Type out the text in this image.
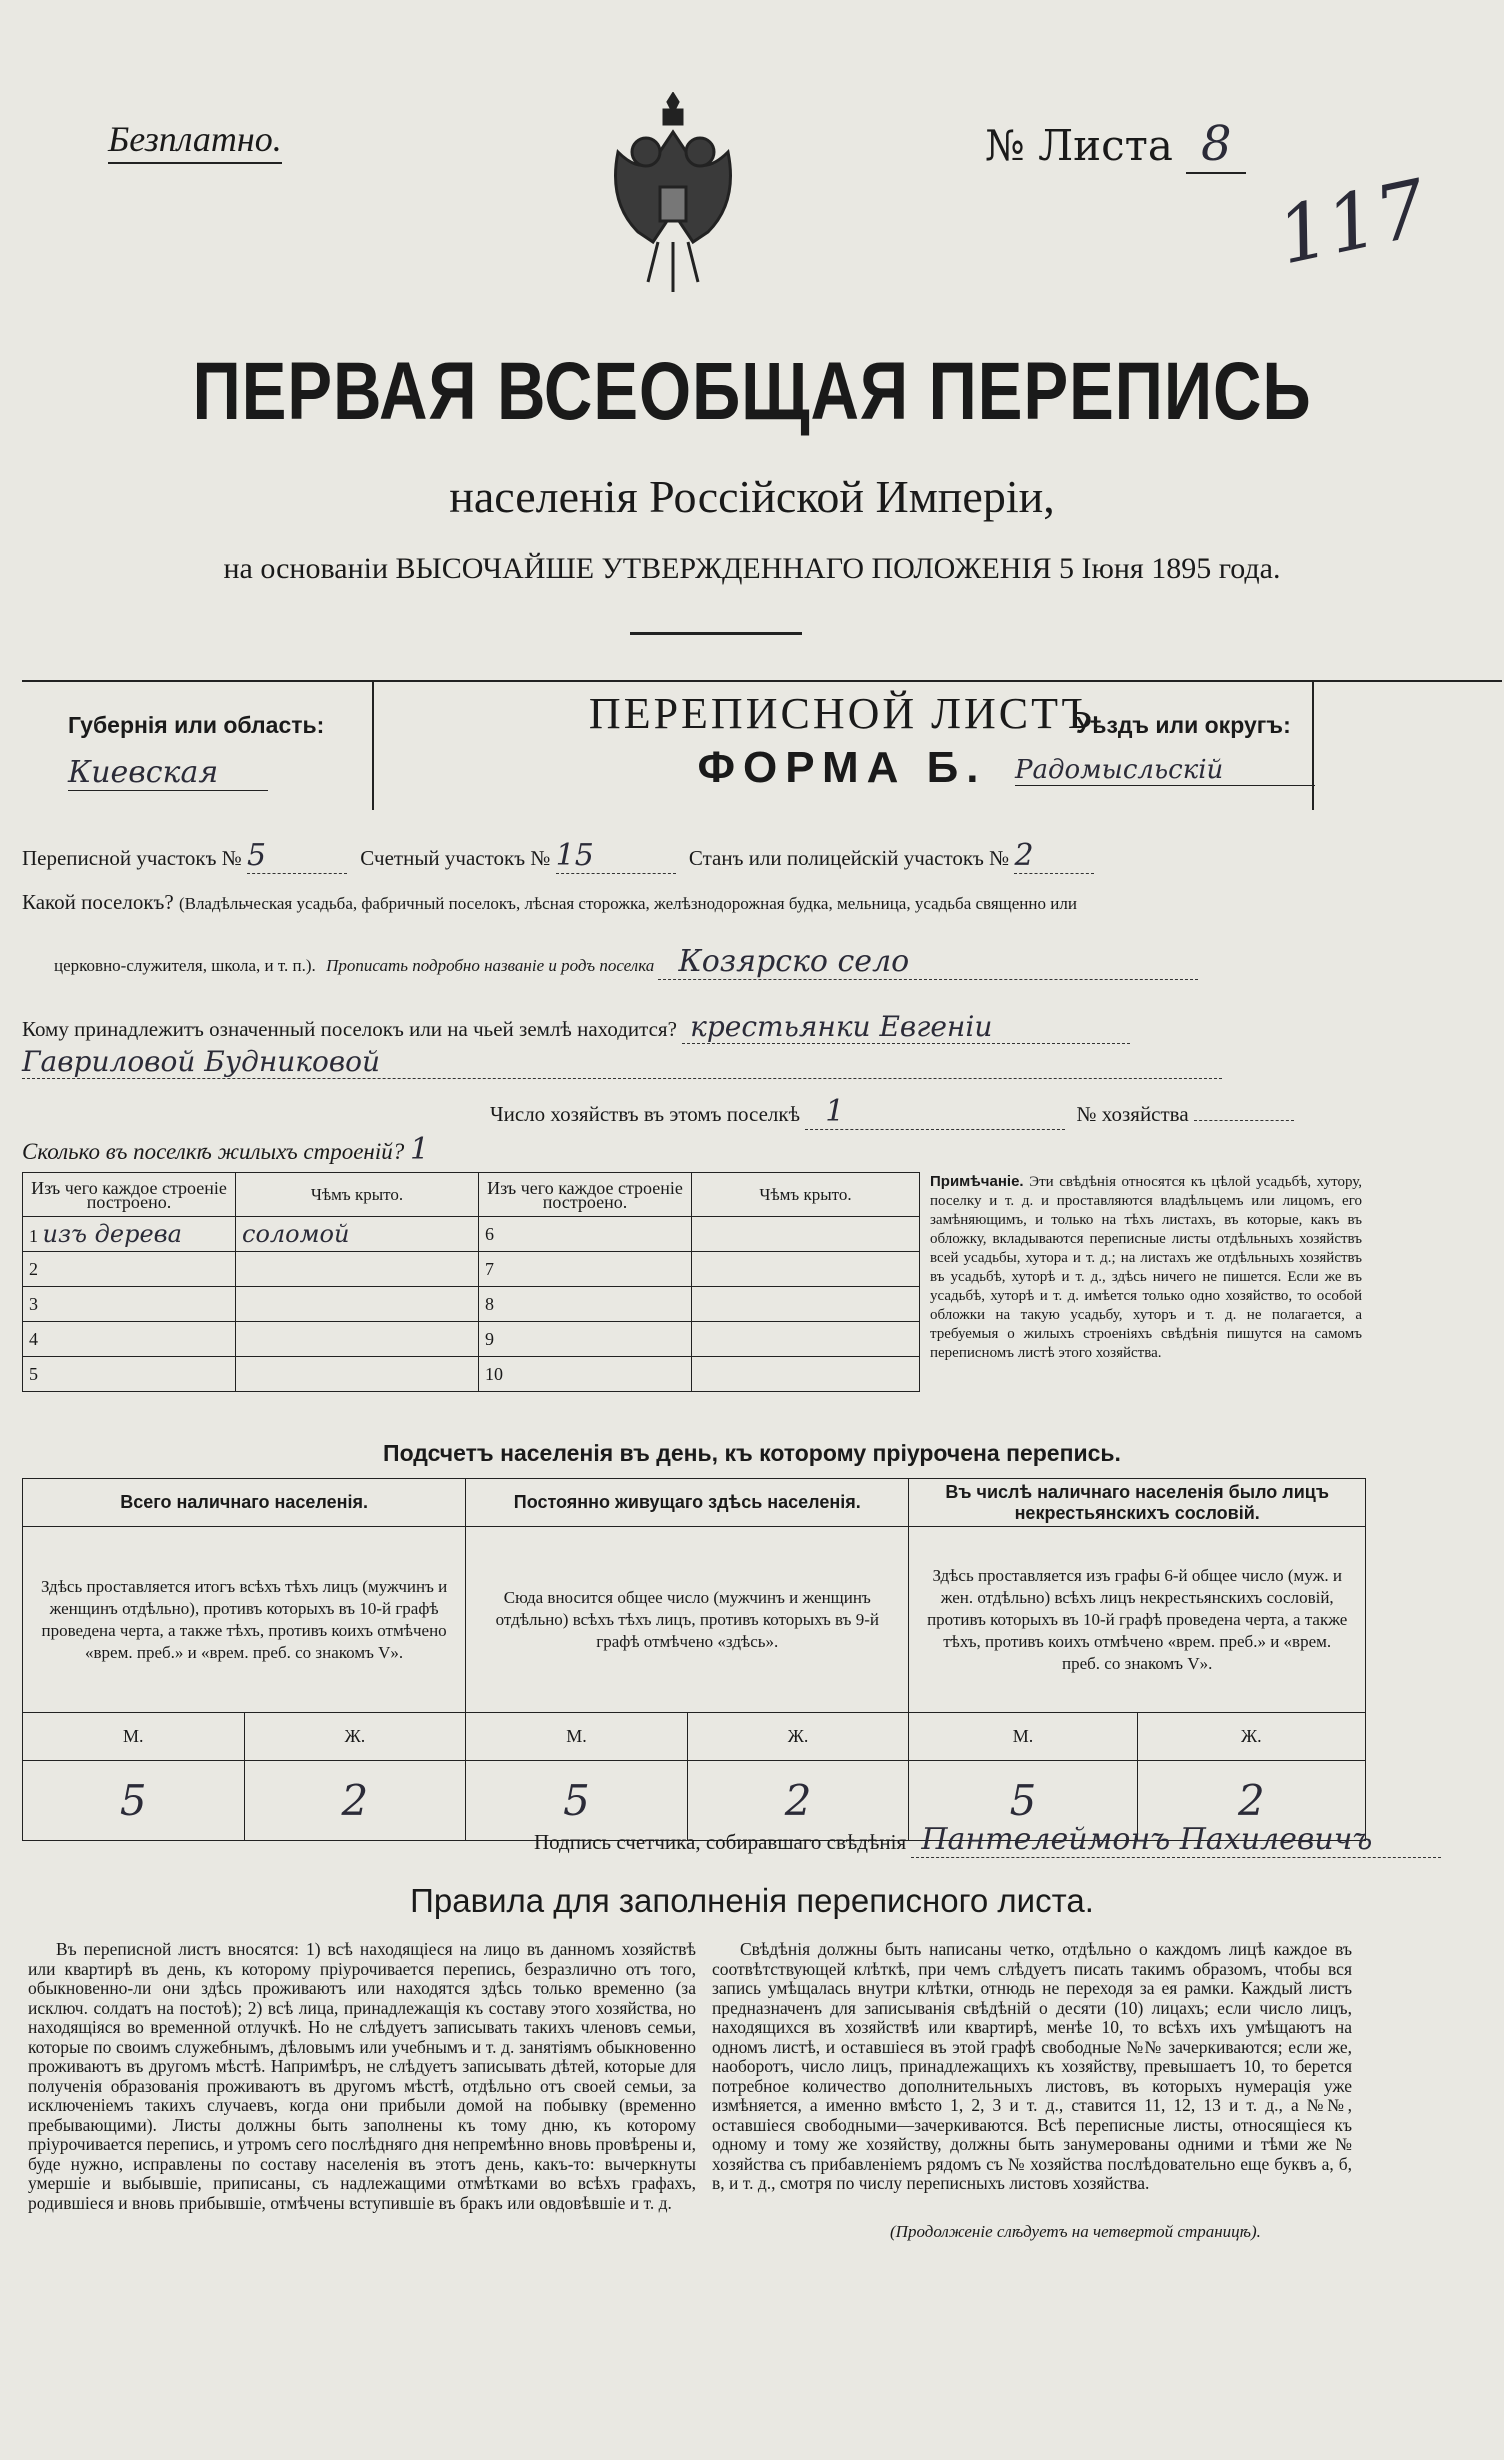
Безплатно.	№ Листа 8
117
ПЕРВАЯ ВСЕОБЩАЯ ПЕРЕПИСЬ
населенія Россійской Имперіи,
на основаніи ВЫСОЧАЙШЕ УТВЕРЖДЕННАГО ПОЛОЖЕНІЯ 5 Іюня 1895 года.
Губернія или область:
Киевская
ПЕРЕПИСНОЙ ЛИСТЪ
ФОРМА Б.
Уѣздъ или округъ:
Радомысльскій
Переписной участокъ № 5	Счетный участокъ № 15	Станъ или полицейскій участокъ № 2
Какой поселокъ? (Владѣльческая усадьба, фабричный поселокъ, лѣсная сторожка, желѣзнодорожная будка, мельница, усадьба священно или
церковно-служителя, школа, и т. п.). Прописать подробно названіе и родъ поселка Козярско село
Кому принадлежитъ означенный поселокъ или на чьей землѣ находится? крестьянки Евгеніи
Гавриловой Будниковой
Число хозяйствъ въ этомъ поселкѣ 1	№ хозяйства
Сколько въ поселкѣ жилыхъ строеній? 1
Изъ чего каждое строеніе построено.	Чѣмъ крыто.	Изъ чего каждое строеніе построено.	Чѣмъ крыто.
1 изъ дерева	соломой	6	
2		7	
3		8	
4		9	
5		10	
Примѣчаніе. Эти свѣдѣнія относятся къ цѣлой усадьбѣ, хутору, поселку и т. д. и проставляются владѣльцемъ или лицомъ, его замѣняющимъ, и только на тѣхъ листахъ, въ которые, какъ въ обложку, вкладываются переписные листы отдѣльныхъ хозяйствъ всей усадьбы, хутора и т. д.; на листахъ же отдѣльныхъ хозяйствъ въ усадьбѣ, хуторѣ и т. д., здѣсь ничего не пишется. Если же въ усадьбѣ, хуторѣ и т. д. имѣется только одно хозяйство, то особой обложки на такую усадьбу, хуторъ и т. д. не полагается, а требуемыя о жилыхъ строеніяхъ свѣдѣнія пишутся на самомъ переписномъ листѣ этого хозяйства.
Подсчетъ населенія въ день, къ которому пріурочена перепись.
Всего наличнаго населенія.		Постоянно живущаго здѣсь населенія.		Въ числѣ наличнаго населенія было лицъ некрестьянскихъ сословій.	
Здѣсь проставляется итогъ всѣхъ тѣхъ лицъ (мужчинъ и женщинъ отдѣльно), противъ которыхъ въ 10-й графѣ проведена черта, а также тѣхъ, противъ коихъ отмѣчено «врем. преб.» и «врем. преб. со знакомъ V».		Сюда вносится общее число (мужчинъ и женщинъ отдѣльно) всѣхъ тѣхъ лицъ, противъ которыхъ въ 9-й графѣ отмѣчено «здѣсь».		Здѣсь проставляется изъ графы 6-й общее число (муж. и жен. отдѣльно) всѣхъ лицъ некрестьянскихъ сословій, противъ которыхъ въ 10-й графѣ проведена черта, а также тѣхъ, противъ коихъ отмѣчено «врем. преб.» и «врем. преб. со знакомъ V».	
М.	Ж.	М.	Ж.	М.	Ж.
5	2	5	2	5	2
Подпись счетчика, собиравшаго свѣдѣнія Пантелеймонъ Пахилевичъ
Правила для заполненія переписного листа.
Въ переписной листъ вносятся: 1) всѣ находящіеся на лицо въ данномъ хозяйствѣ или квартирѣ въ день, къ которому пріурочивается перепись, безразлично отъ того, обыкновенно-ли они здѣсь проживаютъ или находятся здѣсь только временно (за исключ. солдатъ на постоѣ); 2) всѣ лица, принадлежащія къ составу этого хозяйства, но находящіяся во временной отлучкѣ. Но не слѣдуетъ записывать такихъ членовъ семьи, которые по своимъ служебнымъ, дѣловымъ или учебнымъ и т. д. занятіямъ обыкновенно проживаютъ въ другомъ мѣстѣ. Напримѣръ, не слѣдуетъ записывать дѣтей, которые для полученія образованія проживаютъ въ другомъ мѣстѣ, отдѣльно отъ своей семьи, за исключеніемъ такихъ случаевъ, когда они прибыли домой на побывку (временно пребывающими). Листы должны быть заполнены къ тому дню, къ которому пріурочивается перепись, и утромъ сего послѣдняго дня непремѣнно вновь провѣрены и, буде нужно, исправлены по составу населенія въ этотъ день, какъ-то: вычеркнуты умершіе и выбывшіе, приписаны, съ надлежащими отмѣтками во всѣхъ графахъ, родившіеся и вновь прибывшіе, отмѣчены вступившіе въ бракъ или овдовѣвшіе и т. д.
Свѣдѣнія должны быть написаны четко, отдѣльно о каждомъ лицѣ каждое въ соотвѣтствующей клѣткѣ, при чемъ слѣдуетъ писать такимъ образомъ, чтобы вся запись умѣщалась внутри клѣтки, отнюдь не переходя за ея рамки. Каждый листъ предназначенъ для записыванія свѣдѣній о десяти (10) лицахъ; если число лицъ, находящихся въ хозяйствѣ или квартирѣ, менѣе 10, то всѣхъ ихъ умѣщаютъ на одномъ листѣ, и оставшіеся въ этой графѣ свободные №№ зачеркиваются; если же, наоборотъ, число лицъ, принадлежащихъ къ хозяйству, превышаетъ 10, то берется потребное количество дополнительныхъ листовъ, въ которыхъ нумерація уже измѣняется, а именно вмѣсто 1, 2, 3 и т. д., ставится 11, 12, 13 и т. д., а №№, оставшіеся свободными—зачеркиваются. Всѣ переписные листы, относящіеся къ одному и тому же хозяйству, должны быть занумерованы одними и тѣми же № хозяйства съ прибавленіемъ рядомъ съ № хозяйства послѣдовательно еще буквъ а, б, в, и т. д., смотря по числу переписныхъ листовъ хозяйства.
(Продолженіе слѣдуетъ на четвертой страницѣ).
